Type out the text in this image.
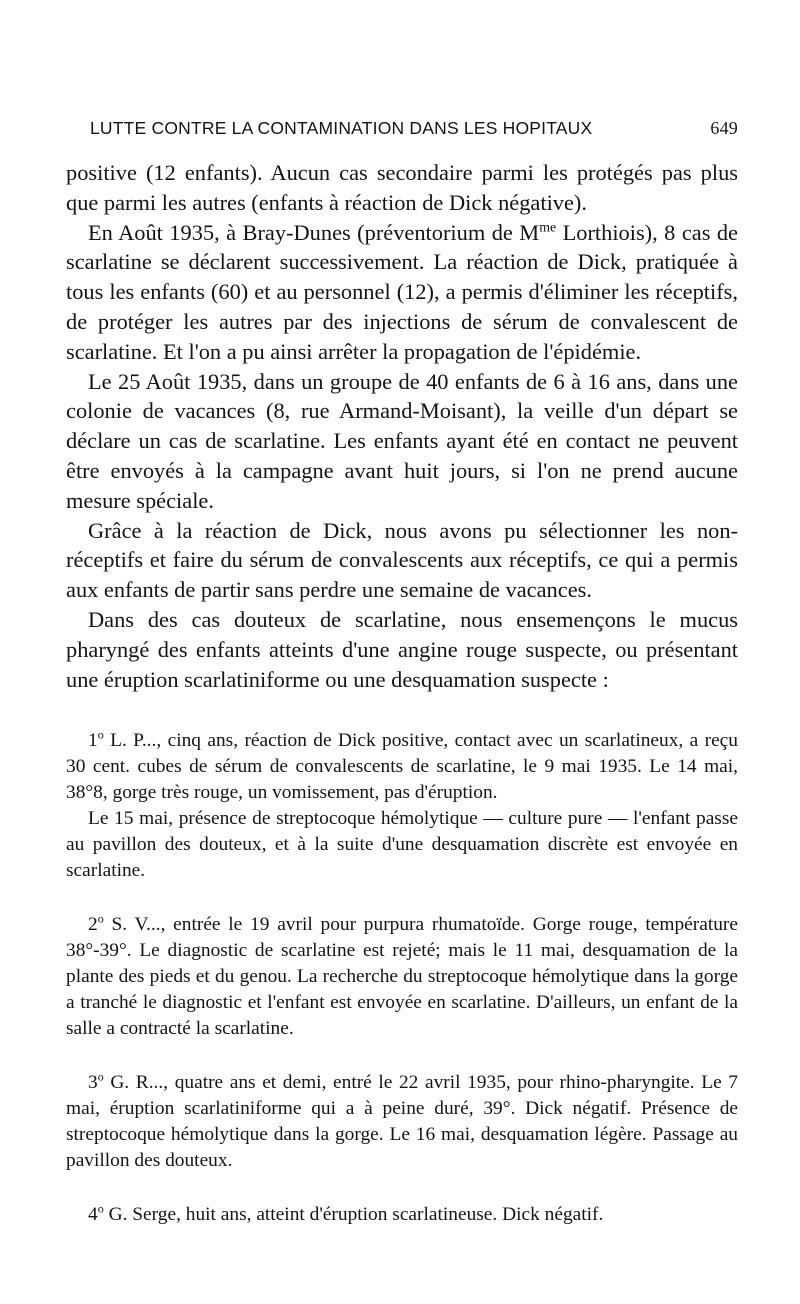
LUTTE CONTRE LA CONTAMINATION DANS LES HOPITAUX	649

positive (12 enfants). Aucun cas secondaire parmi les protégés pas plus que parmi les autres (enfants à réaction de Dick négative).

En Août 1935, à Bray-Dunes (préventorium de $M^{me}$ Lorthiois), 8 cas de scarlatine se déclarent successivement. La réaction de Dick, pratiquée à tous les enfants (60) et au personnel (12), a permis d'éliminer les réceptifs, de protéger les autres par des injections de sérum de convalescent de scarlatine. Et l'on a pu ainsi arrêter la propagation de l'épidémie.

Le 25 Août 1935, dans un groupe de 40 enfants de 6 à 16 ans, dans une colonie de vacances (8, rue Armand-Moisant), la veille d'un départ se déclare un cas de scarlatine. Les enfants ayant été en contact ne peuvent être envoyés à la campagne avant huit jours, si l'on ne prend aucune mesure spéciale.

Grâce à la réaction de Dick, nous avons pu sélectionner les non-réceptifs et faire du sérum de convalescents aux réceptifs, ce qui a permis aux enfants de partir sans perdre une semaine de vacances.

Dans des cas douteux de scarlatine, nous ensemençons le mucus pharyngé des enfants atteints d'une angine rouge suspecte, ou présentant une éruption scarlatiniforme ou une desquamation suspecte :

1$^o$ L. P..., cinq ans, réaction de Dick positive, contact avec un scarlatineux, a reçu 30 cent. cubes de sérum de convalescents de scarlatine, le 9 mai 1935. Le 14 mai, 38°8, gorge très rouge, un vomissement, pas d'éruption.

Le 15 mai, présence de streptocoque hémolytique — culture pure — l'enfant passe au pavillon des douteux, et à la suite d'une desquamation discrète est envoyée en scarlatine.

2$^o$ S. V..., entrée le 19 avril pour purpura rhumatoïde. Gorge rouge, température 38°-39°. Le diagnostic de scarlatine est rejeté; mais le 11 mai, desquamation de la plante des pieds et du genou. La recherche du streptocoque hémolytique dans la gorge a tranché le diagnostic et l'enfant est envoyée en scarlatine. D'ailleurs, un enfant de la salle a contracté la scarlatine.

3$^o$ G. R..., quatre ans et demi, entré le 22 avril 1935, pour rhino-pharyngite. Le 7 mai, éruption scarlatiniforme qui a à peine duré, 39°. Dick négatif. Présence de streptocoque hémolytique dans la gorge. Le 16 mai, desquamation légère. Passage au pavillon des douteux.

4$^o$ G. Serge, huit ans, atteint d'éruption scarlatineuse. Dick négatif.
